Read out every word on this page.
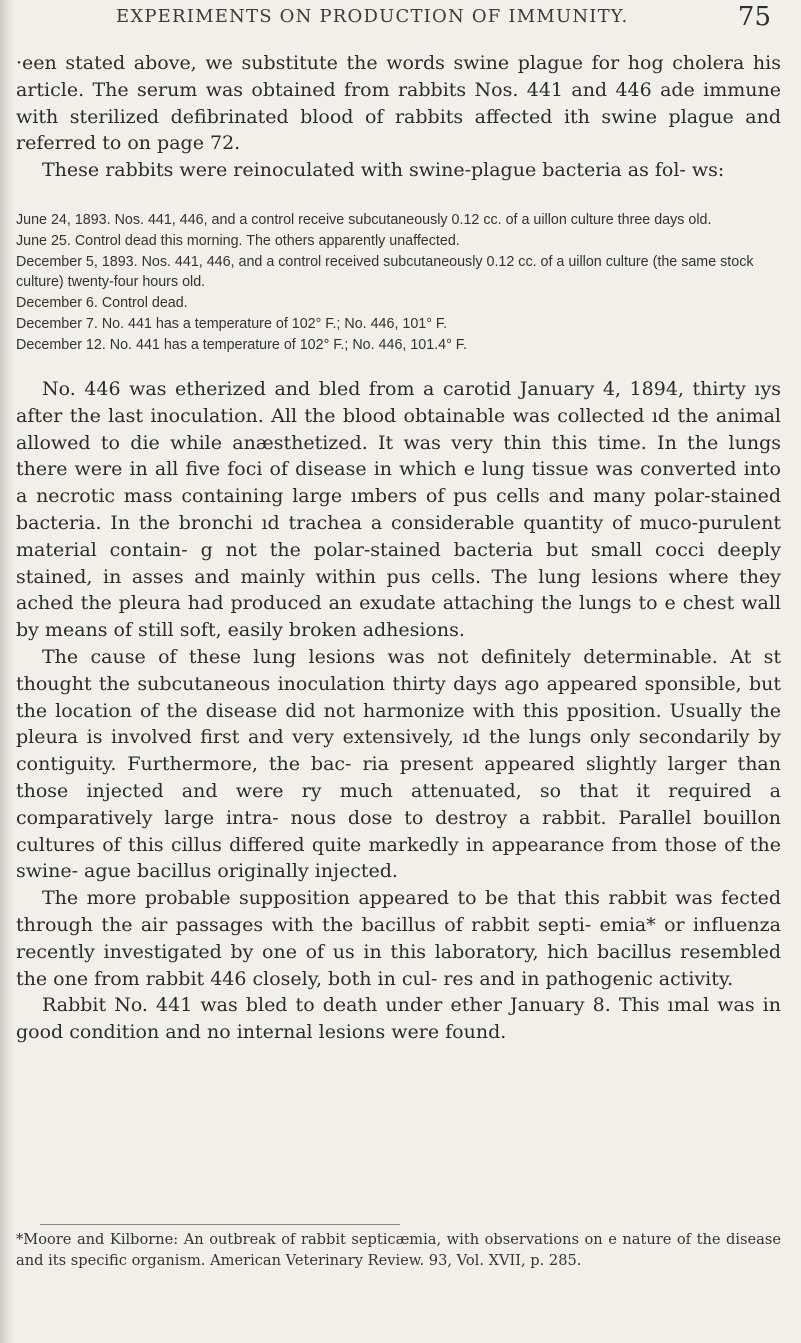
EXPERIMENTS ON PRODUCTION OF IMMUNITY.	75

·een stated above, we substitute the words swine plague for hog cholera his article. The serum was obtained from rabbits Nos. 441 and 446 ade immune with sterilized defibrinated blood of rabbits affected ith swine plague and referred to on page 72.

These rabbits were reinoculated with swine-plague bacteria as fol- ws:

June 24, 1893. Nos. 441, 446, and a control receive subcutaneously 0.12 cc. of a uillon culture three days old.

June 25. Control dead this morning. The others apparently unaffected.

December 5, 1893. Nos. 441, 446, and a control received subcutaneously 0.12 cc. of a uillon culture (the same stock culture) twenty-four hours old.

December 6. Control dead.

December 7. No. 441 has a temperature of 102° F.; No. 446, 101° F.

December 12. No. 441 has a temperature of 102° F.; No. 446, 101.4° F.

No. 446 was etherized and bled from a carotid January 4, 1894, thirty ıys after the last inoculation. All the blood obtainable was collected ıd the animal allowed to die while anæsthetized. It was very thin this time. In the lungs there were in all five foci of disease in which e lung tissue was converted into a necrotic mass containing large ımbers of pus cells and many polar-stained bacteria. In the bronchi ıd trachea a considerable quantity of muco-purulent material contain- g not the polar-stained bacteria but small cocci deeply stained, in asses and mainly within pus cells. The lung lesions where they ached the pleura had produced an exudate attaching the lungs to e chest wall by means of still soft, easily broken adhesions.

The cause of these lung lesions was not definitely determinable. At st thought the subcutaneous inoculation thirty days ago appeared sponsible, but the location of the disease did not harmonize with this pposition. Usually the pleura is involved first and very extensively, ıd the lungs only secondarily by contiguity. Furthermore, the bac- ria present appeared slightly larger than those injected and were ry much attenuated, so that it required a comparatively large intra- nous dose to destroy a rabbit. Parallel bouillon cultures of this cillus differed quite markedly in appearance from those of the swine- ague bacillus originally injected.

The more probable supposition appeared to be that this rabbit was fected through the air passages with the bacillus of rabbit septi- emia* or influenza recently investigated by one of us in this laboratory, hich bacillus resembled the one from rabbit 446 closely, both in cul- res and in pathogenic activity.

Rabbit No. 441 was bled to death under ether January 8. This ımal was in good condition and no internal lesions were found.

*Moore and Kilborne: An outbreak of rabbit septicæmia, with observations on e nature of the disease and its specific organism. American Veterinary Review. 93, Vol. XVII, p. 285.
